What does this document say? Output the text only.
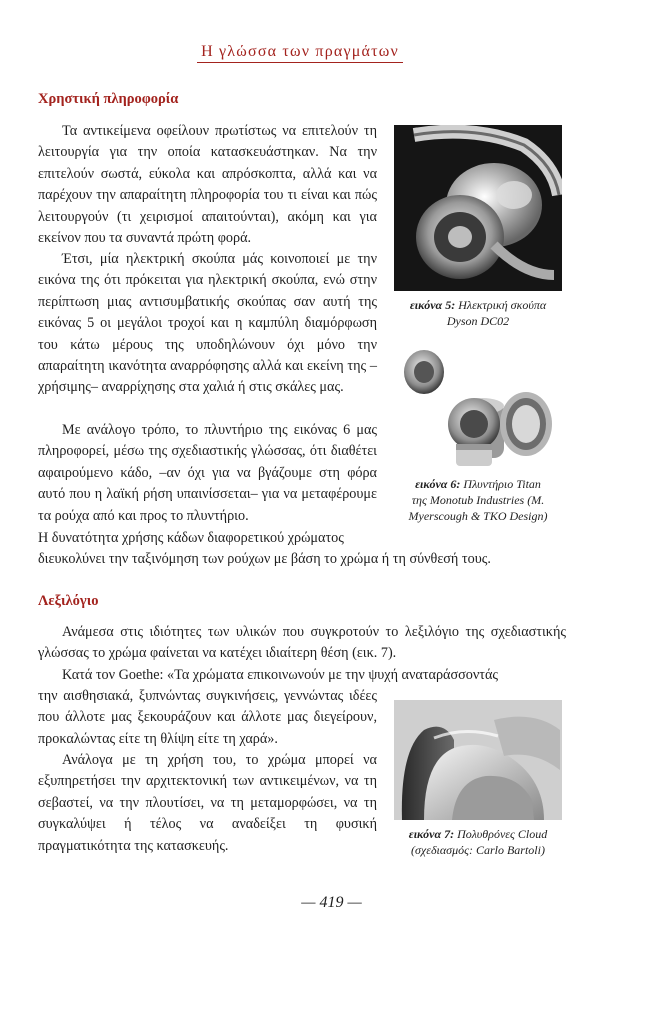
Η γλώσσα των πραγμάτων
Χρηστική πληροφορία

Τα αντικείμενα οφείλουν πρωτίστως να επιτελούν τη λειτουργία για την οποία κατασκευάστηκαν. Να την επιτελούν σωστά, εύκολα και απρόσκοπτα, αλλά και να παρέχουν την απαραίτητη πληροφορία του τι είναι και πώς λειτουργούν (τι χειρισμοί απαιτούνται), ακόμη και για εκείνον που τα συναντά πρώτη φορά.

Έτσι, μία ηλεκτρική σκούπα μάς κοινοποιεί με την εικόνα της ότι πρόκειται για ηλεκτρική σκούπα, ενώ στην περίπτωση μιας αντισυμβατικής σκούπας σαν αυτή της εικόνας 5 οι μεγάλοι τροχοί και η καμπύλη διαμόρφωση του κάτω μέρους της υποδηλώνουν όχι μόνο την απαραίτητη ικανότητα αναρρόφησης αλλά και εκείνη της –χρήσιμης– αναρρίχησης στα χαλιά ή στις σκάλες μας.

Με ανάλογο τρόπο, το πλυντήριο της εικόνας 6 μας πληροφορεί, μέσω της σχεδιαστικής γλώσσας, ότι διαθέτει αφαιρούμενο κάδο, –αν όχι για να βγάζουμε στη φόρα αυτό που η λαϊκή ρήση υπαινίσσεται– για να μεταφέρουμε τα ρούχα από και προς το πλυντήριο.

Η δυνατότητα χρήσης κάδων διαφορετικού χρώματος

διευκολύνει την ταξινόμηση των ρούχων με βάση το χρώμα ή τη σύνθεσή τους.

εικόνα 5: Ηλεκτρική σκούπα
Dyson DC02
εικόνα 6: Πλυντήριο Titan
της Monotub Industries (M.
Myerscough & TKO Design)
Λεξιλόγιο

Ανάμεσα στις ιδιότητες των υλικών που συγκροτούν το λεξιλόγιο της σχεδιαστικής γλώσσας το χρώμα φαίνεται να κατέχει ιδιαίτερη θέση (εικ. 7).

Κατά τον Goethe: «Τα χρώματα επικοινωνούν με την ψυχή αναταράσσοντάς

την αισθησιακά, ξυπνώντας συγκινήσεις, γεννώντας ιδέες που άλλοτε μας ξεκουράζουν και άλλοτε μας διεγείρουν, προκαλώντας είτε τη θλίψη είτε τη χαρά».

Ανάλογα με τη χρήση του, το χρώμα μπορεί να εξυπηρετήσει την αρχιτεκτονική των αντικειμένων, να τη σεβαστεί, να την πλουτίσει, να τη μεταμορφώσει, να τη συγκαλύψει ή τέλος να αναδείξει τη φυσική πραγματικότητα της κατασκευής.

εικόνα 7: Πολυθρόνες Cloud
(σχεδιασμός: Carlo Bartoli)
— 419 —
